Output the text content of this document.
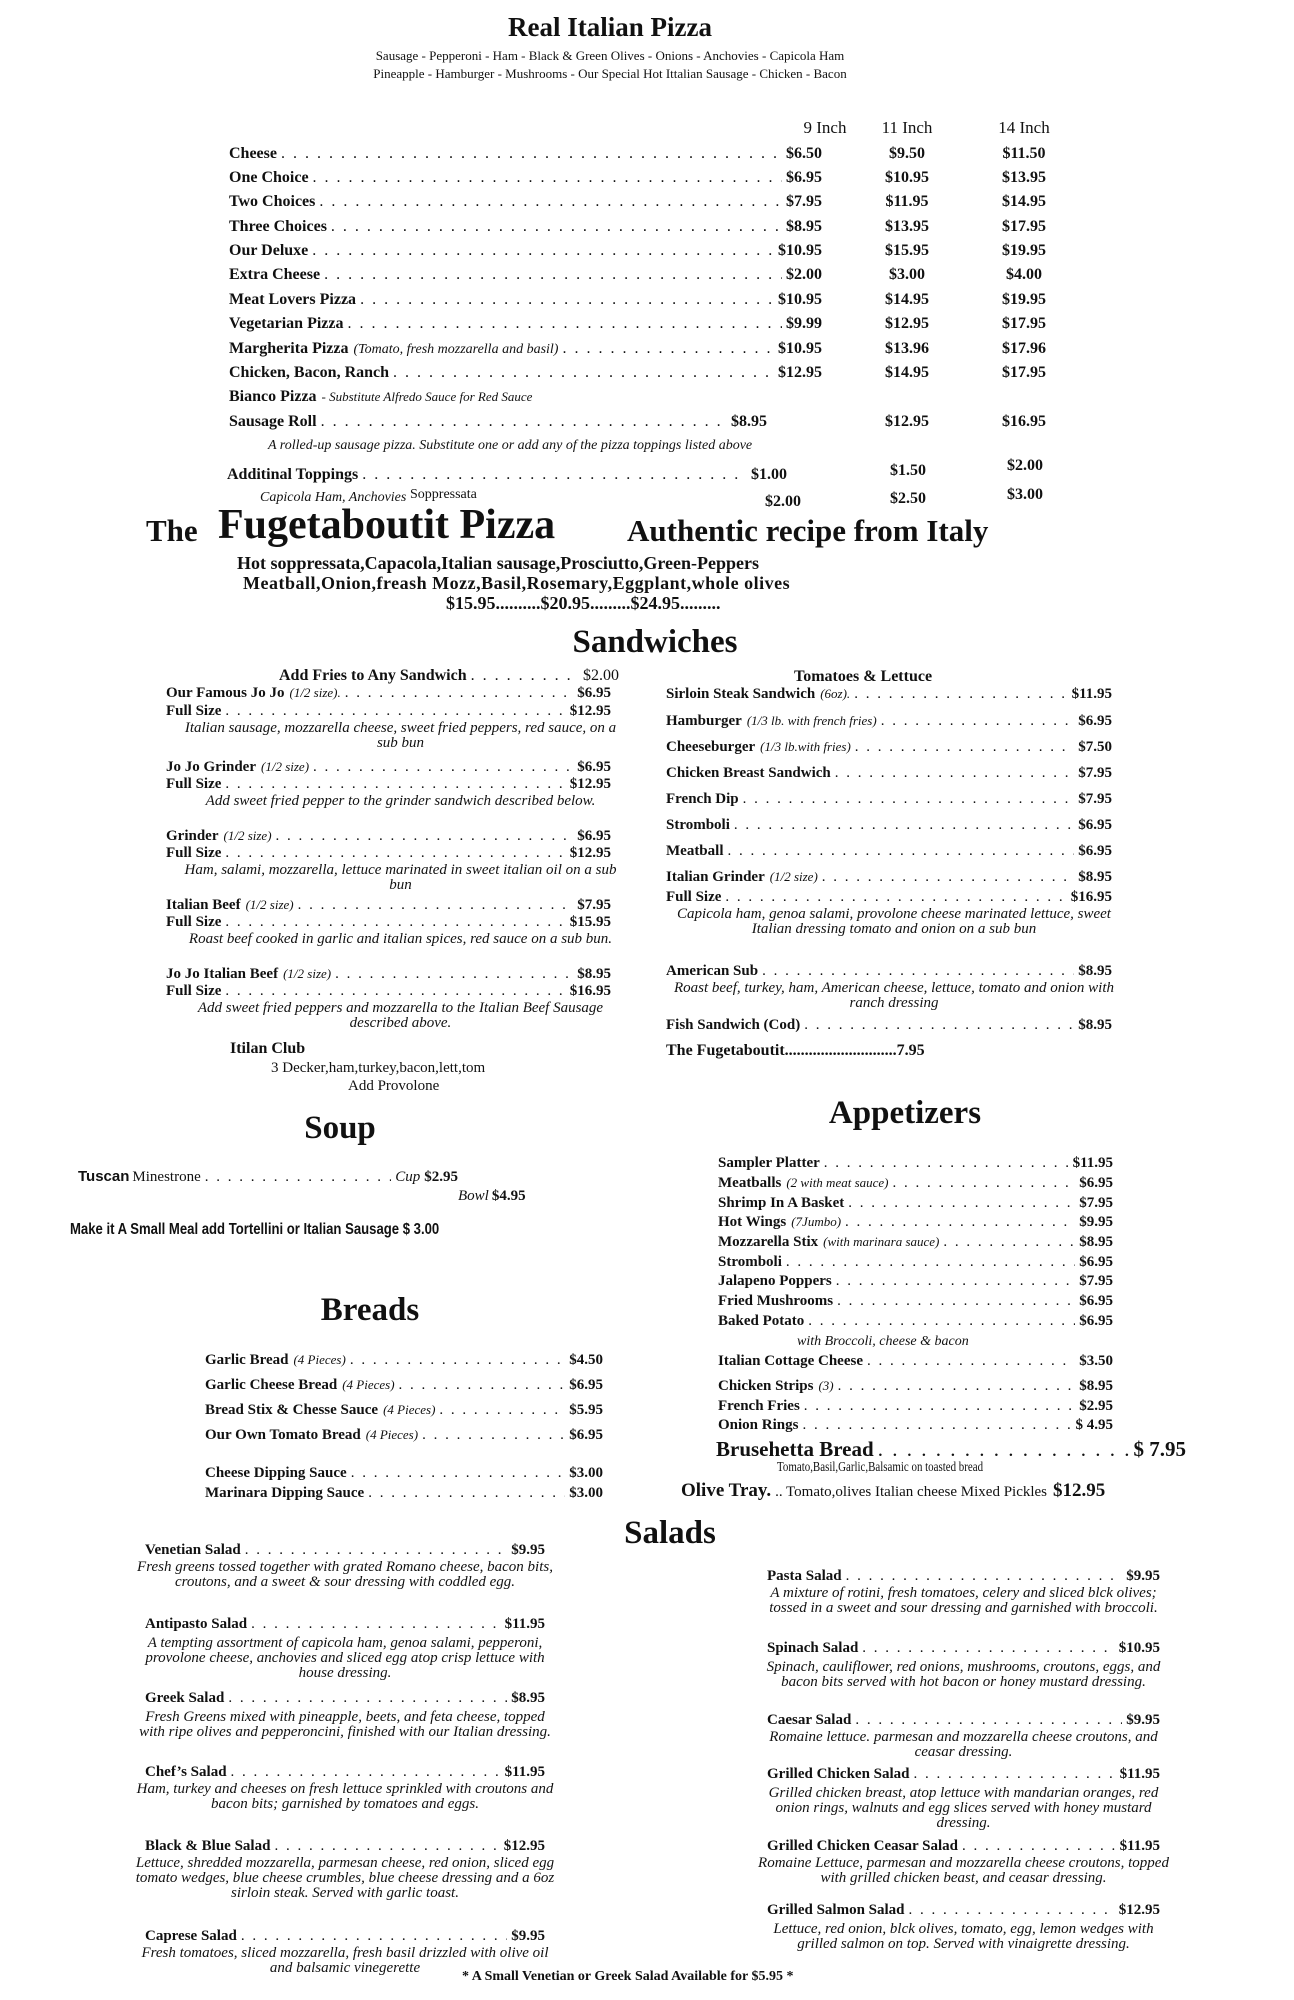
Real Italian Pizza
Sausage - Pepperoni - Ham - Black & Green Olives - Onions - Anchovies - Capicola Ham
Pineapple - Hamburger - Mushrooms - Our Special Hot Ittalian Sausage - Chicken - Bacon
9 Inch	11 Inch	14 Inch
Cheese . . .	$6.50	$9.50	$11.50
One Choice . . .	$6.95	$10.95	$13.95
Two Choices . . .	$7.95	$11.95	$14.95
Three Choices . . .	$8.95	$13.95	$17.95
Our Deluxe . . .	$10.95	$15.95	$19.95
Extra Cheese . . .	$2.00	$3.00	$4.00
Meat Lovers Pizza . . .	$10.95	$14.95	$19.95
Vegetarian Pizza . . .	$9.99	$12.95	$17.95
Margherita Pizza (Tomato, fresh mozzarella and basil) . . .	$10.95	$13.96	$17.96
Chicken, Bacon, Ranch . . .	$12.95	$14.95	$17.95
Bianco Pizza - Substitute Alfredo Sauce for Red Sauce
Sausage Roll . . .	$8.95	$12.95	$16.95
A rolled-up sausage pizza. Substitute one or add any of the pizza toppings listed above
Additinal Toppings . . .	$1.00	$1.50	$2.00
Capicola Ham, Anchovies Soppressata	$2.00	$2.50	$3.00
The Fugetaboutit Pizza Authentic recipe from Italy
Hot soppressata,Capacola,Italian sausage,Prosciutto,Green-Peppers
Meatball,Onion,freash Mozz,Basil,Rosemary,Eggplant,whole olives
$15.95..........$20.95.........$24.95.........
Sandwiches
Add Fries to Any Sandwich . . .	$2.00	Tomatoes & Lettuce
Our Famous Jo Jo (1/2 size). . . .	$6.95
Full Size . . .	$12.95
Italian sausage, mozzarella cheese, sweet fried peppers, red sauce, on a sub bun
Jo Jo Grinder (1/2 size) . . .	$6.95
Full Size . . .	$12.95
Add sweet fried pepper to the grinder sandwich described below.
Grinder (1/2 size) . . .	$6.95
Full Size . . .	$12.95
Ham, salami, mozzarella, lettuce marinated in sweet italian oil on a sub bun
Italian Beef (1/2 size) . . .	$7.95
Full Size . . .	$15.95
Roast beef cooked in garlic and italian spices, red sauce on a sub bun.
Jo Jo Italian Beef (1/2 size) . . .	$8.95
Full Size . . .	$16.95
Add sweet fried peppers and mozzarella to the Italian Beef Sausage described above.
Itilan Club
3 Decker,ham,turkey,bacon,lett,tom
Add Provolone
Sirloin Steak Sandwich (6oz). . . .	$11.95
Hamburger (1/3 lb. with french fries) . . .	$6.95
Cheeseburger (1/3 lb.with fries) . . .	$7.50
Chicken Breast Sandwich . . .	$7.95
French Dip . . .	$7.95
Stromboli . . .	$6.95
Meatball . . .	$6.95
Italian Grinder (1/2 size) . . .	$8.95
Full Size . . .	$16.95
Capicola ham, genoa salami, provolone cheese marinated lettuce, sweet Italian dressing tomato and onion on a sub bun
American Sub . . .	$8.95
Roast beef, turkey, ham, American cheese, lettuce, tomato and onion with ranch dressing
Fish Sandwich (Cod) . . .	$8.95
The Fugetaboutit............................7.95
Soup
Tuscan Minestrone . . .	Cup $2.95
Bowl $4.95
Make it A Small Meal add Tortellini or Italian Sausage $ 3.00
Breads
Garlic Bread (4 Pieces) . . .	$4.50
Garlic Cheese Bread (4 Pieces) . . .	$6.95
Bread Stix & Chesse Sauce (4 Pieces) . . .	$5.95
Our Own Tomato Bread (4 Pieces) . . .	$6.95
Cheese Dipping Sauce . . .	$3.00
Marinara Dipping Sauce . . .	$3.00
Appetizers
Sampler Platter . . .	$11.95
Meatballs (2 with meat sauce) . . .	$6.95
Shrimp In A Basket . . .	$7.95
Hot Wings (7Jumbo) . . .	$9.95
Mozzarella Stix (with marinara sauce) . . .	$8.95
Stromboli . . .	$6.95
Jalapeno Poppers . . .	$7.95
Fried Mushrooms . . .	$6.95
Baked Potato . . .	$6.95
with Broccoli, cheese & bacon
Italian Cottage Cheese . . .	$3.50
Chicken Strips (3) . . .	$8.95
French Fries . . .	$2.95
Onion Rings . . .	$ 4.95
Brusehetta Bread . . .	$ 7.95
Tomato,Basil,Garlic,Balsamic on toasted bread
Olive Tray. .. Tomato,olives Italian cheese Mixed Pickles $12.95
Salads
Venetian Salad . . .	$9.95
Fresh greens tossed together with grated Romano cheese, bacon bits, croutons, and a sweet & sour dressing with coddled egg.
Antipasto Salad . . .	$11.95
A tempting assortment of capicola ham, genoa salami, pepperoni, provolone cheese, anchovies and sliced egg atop crisp lettuce with house dressing.
Greek Salad . . .	$8.95
Fresh Greens mixed with pineapple, beets, and feta cheese, topped with ripe olives and pepperoncini, finished with our Italian dressing.
Chef’s Salad . . .	$11.95
Ham, turkey and cheeses on fresh lettuce sprinkled with croutons and bacon bits; garnished by tomatoes and eggs.
Black & Blue Salad . . .	$12.95
Lettuce, shredded mozzarella, parmesan cheese, red onion, sliced egg tomato wedges, blue cheese crumbles, blue cheese dressing and a 6oz sirloin steak. Served with garlic toast.
Caprese Salad . . .	$9.95
Fresh tomatoes, sliced mozzarella, fresh basil drizzled with olive oil and balsamic vinegerette
Pasta Salad . . .	$9.95
A mixture of rotini, fresh tomatoes, celery and sliced blck olives; tossed in a sweet and sour dressing and garnished with broccoli.
Spinach Salad . . .	$10.95
Spinach, cauliflower, red onions, mushrooms, croutons, eggs, and bacon bits served with hot bacon or honey mustard dressing.
Caesar Salad . . .	$9.95
Romaine lettuce. parmesan and mozzarella cheese croutons, and ceasar dressing.
Grilled Chicken Salad . . .	$11.95
Grilled chicken breast, atop lettuce with mandarian oranges, red onion rings, walnuts and egg slices served with honey mustard dressing.
Grilled Chicken Ceasar Salad . . .	$11.95
Romaine Lettuce, parmesan and mozzarella cheese croutons, topped with grilled chicken beast, and ceasar dressing.
Grilled Salmon Salad . . .	$12.95
Lettuce, red onion, blck olives, tomato, egg, lemon wedges with grilled salmon on top. Served with vinaigrette dressing.
* A Small Venetian or Greek Salad Available for $5.95 *
